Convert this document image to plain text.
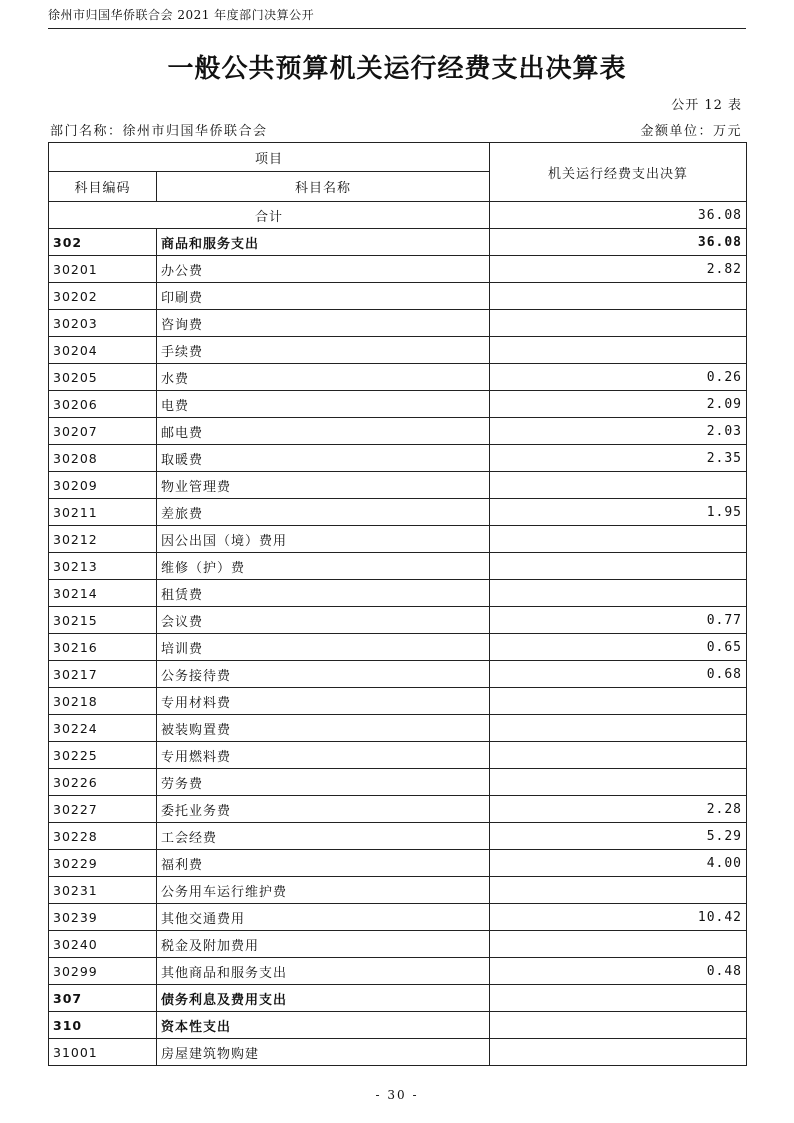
徐州市归国华侨联合会 2021 年度部门决算公开
一般公共预算机关运行经费支出决算表
公开 12 表
部门名称：徐州市归国华侨联合会	金额单位：万元
项目		机关运行经费支出决算
科目编码	科目名称	
合计		36.08
302	商品和服务支出	36.08
30201	办公费	2.82
30202	印刷费	
30203	咨询费	
30204	手续费	
30205	水费	0.26
30206	电费	2.09
30207	邮电费	2.03
30208	取暖费	2.35
30209	物业管理费	
30211	差旅费	1.95
30212	因公出国（境）费用	
30213	维修（护）费	
30214	租赁费	
30215	会议费	0.77
30216	培训费	0.65
30217	公务接待费	0.68
30218	专用材料费	
30224	被装购置费	
30225	专用燃料费	
30226	劳务费	
30227	委托业务费	2.28
30228	工会经费	5.29
30229	福利费	4.00
30231	公务用车运行维护费	
30239	其他交通费用	10.42
30240	税金及附加费用	
30299	其他商品和服务支出	0.48
307	债务利息及费用支出	
310	资本性支出	
31001	房屋建筑物购建	
- 30 -
